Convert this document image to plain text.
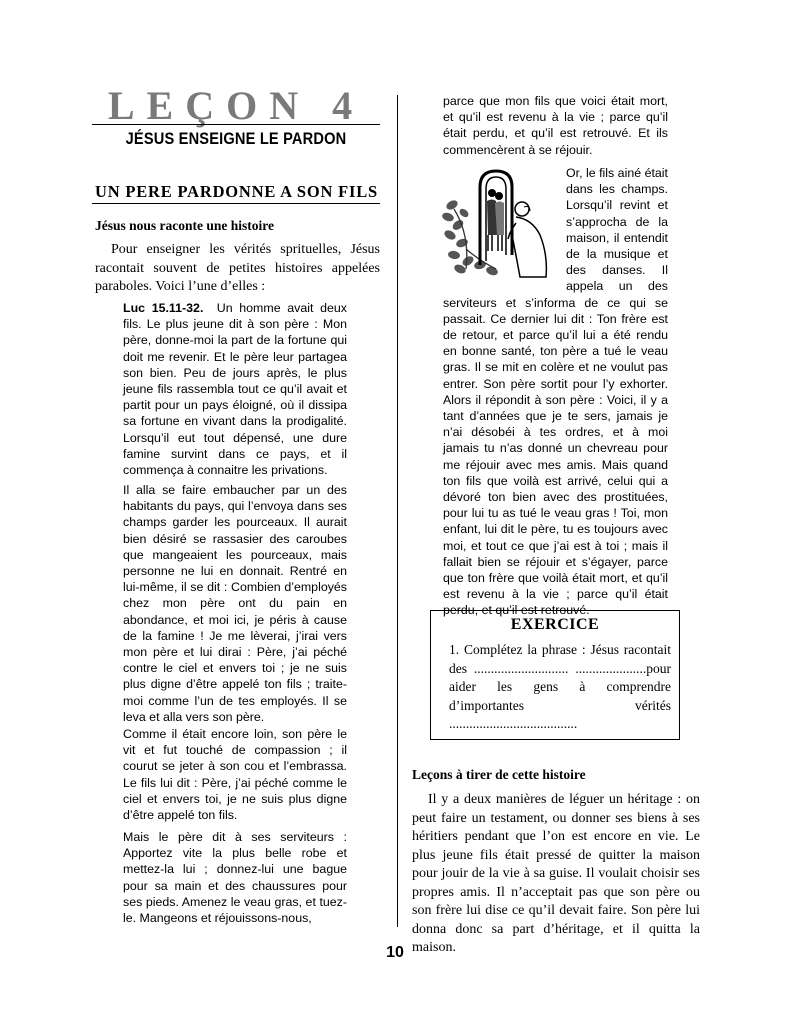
LEÇON 4
JÉSUS ENSEIGNE LE PARDON
UN PERE PARDONNE A SON FILS
Jésus nous raconte une histoire
Pour enseigner les vérités spritue​lles, Jésus racontait souvent de petites histoires appelées paraboles. Voici l’une d’elles :
Luc 15.11-32. Un homme avait deux fils. Le plus jeune dit à son père : Mon père, donne-moi la part de la fortune qui doit me revenir. Et le père leur partagea son bien. Peu de jours après, le plus jeune fils rassembla tout ce qu’il avait et partit pour un pays éloigné, où il dissipa sa fortune en vivant dans la prodigalité. Lorsqu’il eut tout dépensé, une dure famine survint dans ce pays, et il commença à connaitre les privations.
Il alla se faire embaucher par un des habitants du pays, qui l’envoya dans ses champs garder les pourceaux. Il aurait bien désiré se rassasier des caroubes que mangeaient les pourceaux, mais personne ne lui en donnait. Rentré en lui-même, il se dit : Combien d’employés chez mon père ont du pain en abondance, et moi ici, je péris à cause de la famine ! Je me lèverai, j’irai vers mon père et lui dirai : Père, j’ai péché contre le ciel et envers toi ; je ne suis plus digne d’être appelé ton fils ; traite-moi comme l’un de tes employés. Il se leva et alla vers son père.
Comme il était encore loin, son père le vit et fut touché de compassion ; il courut se jeter à son cou et l’embrassa. Le fils lui dit : Père, j’ai péché comme le ciel et envers toi, je ne suis plus digne d’être appelé ton fils.
Mais le père dit à ses serviteurs : Apportez vite la plus belle robe et mettez-la lui ; donnez-lui une bague pour sa main et des chaussures pour ses pieds. Amenez le veau gras, et tuez-le. Mangeons et réjouissons-nous,
parce que mon fils que voici était mort, et qu’il est revenu à la vie ; parce qu’il était perdu, et qu’il est retrouvé. Et ils commencèrent à se réjouir.
Or, le fils ainé était dans les champs. Lorsqu’il revint et s’approcha de la maison, il entendit de la musique et des danses. Il appela un des serviteurs et s’informa de ce qui se passait. Ce dernier lui dit : Ton frère est de retour, et parce qu’il lui a été rendu en bonne santé, ton père a tué le veau gras. Il se mit en colère et ne voulut pas entrer. Son père sortit pour l’y exhorter. Alors il répondit à son père : Voici, il y a tant d’années que je te sers, jamais je n’ai désobéi à tes ordres, et à moi jamais tu n’as donné un chevreau pour me réjouir avec mes amis. Mais quand ton fils que voilà est arrivé, celui qui a dévoré ton bien avec des prostituées, pour lui tu as tué le veau gras ! Toi, mon enfant, lui dit le père, tu es toujours avec moi, et tout ce que j’ai est à toi ; mais il fallait bien se réjouir et s’égayer, parce que ton frère que voilà était mort, et qu’il est revenu à la vie ; parce qu’il était perdu, et qu’il est retrouvé.
EXERCICE
1. Complétez la phrase : Jésus racontait des ............................ .....................pour aider les gens à comprendre d’importantes vérités ......................................
Leçons à tirer de cette histoire
Il y a deux manières de léguer un héritage : on peut faire un testament, ou donner ses biens à ses héritiers pendant que l’on est encore en vie. Le plus jeune fils était pressé de quitter la maison pour jouir de la vie à sa guise. Il voulait choisir ses propres amis. Il n’acceptait pas que son père ou son frère lui dise ce qu’il devait faire. Son père lui donna donc sa part d’héritage, et il quitta la maison.
10
